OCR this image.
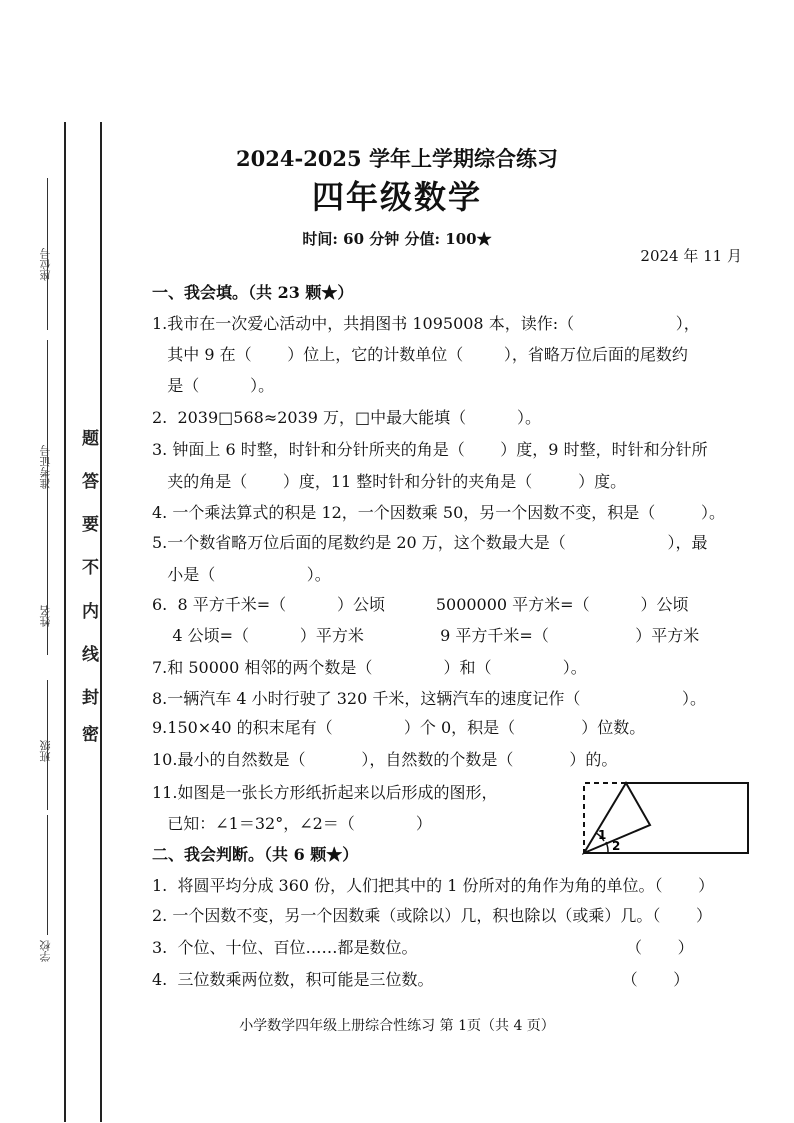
座位号
准考证号
姓名
班级
学校
密
封
线
内
不
要
答
题
2024-2025 学年上学期综合练习
四年级数学
时间: 60 分钟 分值: 100★
2024 年 11 月
一、我会填。（共 23 颗★）
1.我市在一次爱心活动中，共捐图书 1095008 本，读作:（                    ），
其中 9 在（       ）位上，它的计数单位（        ），省略万位后面的尾数约
是（          ）。
2.  2039□568≈2039 万，□中最大能填（          ）。
3. 钟面上 6 时整，时针和分针所夹的角是（       ）度，9 时整，时针和分针所
夹的角是（       ）度，11 整时针和分针的夹角是（         ）度。
4. 一个乘法算式的积是 12，一个因数乘 50，另一个因数不变，积是（         ）。
5.一个数省略万位后面的尾数约是 20 万，这个数最大是（                    ），最
小是（                  ）。
6.  8 平方千米=（          ）公顷          5000000 平方米=（          ）公顷
4 公顷=（          ）平方米               9 平方千米=（                 ）平方米
7.和 50000 相邻的两个数是（              ）和（              ）。
8.一辆汽车 4 小时行驶了 320 千米，这辆汽车的速度记作（                    ）。
9.150×40 的积末尾有（              ）个 0，积是（             ）位数。
10.最小的自然数是（           ），自然数的个数是（           ）的。
11.如图是一张长方形纸折起来以后形成的图形，
已知：∠1＝32°，∠2＝（            ）
1
2
二、我会判断。（共 6 颗★）
1.  将圆平均分成 360 份，人们把其中的 1 份所对的角作为角的单位。（       ）
2. 一个因数不变，另一个因数乘（或除以）几，积也除以（或乘）几。（       ）
3.  个位、十位、百位……都是数位。                                         （       ）
4.  三位数乘两位数，积可能是三位数。                                     （       ）
小学数学四年级上册综合性练习 第 1页（共 4 页）
